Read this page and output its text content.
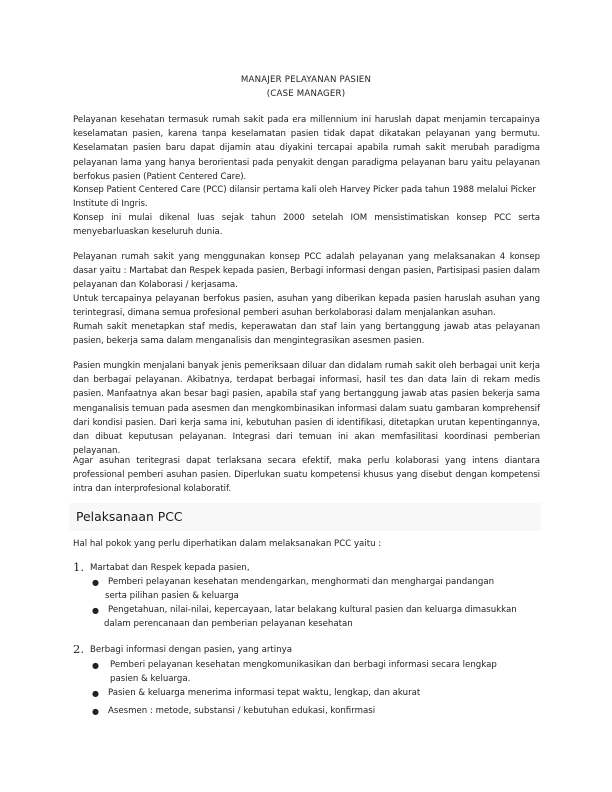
MANAJER PELAYANAN PASIEN
(CASE MANAGER)
Pelayanan kesehatan termasuk rumah sakit pada era millennium ini haruslah dapat menjamin tercapainya keselamatan pasien, karena tanpa keselamatan pasien tidak dapat dikatakan pelayanan yang bermutu. Keselamatan pasien baru dapat dijamin atau diyakini tercapai apabila rumah sakit merubah paradigma pelayanan lama yang hanya berorientasi pada penyakit dengan paradigma pelayanan baru yaitu pelayanan berfokus pasien (Patient Centered Care).
Konsep Patient Centered Care (PCC) dilansir pertama kali oleh Harvey Picker pada tahun 1988 melalui Picker Institute di Ingris.
Konsep ini mulai dikenal luas sejak tahun 2000 setelah IOM mensistimatiskan konsep PCC serta menyebarluaskan keseluruh dunia.
Pelayanan rumah sakit yang menggunakan konsep PCC adalah pelayanan yang melaksanakan 4 konsep dasar yaitu : Martabat dan Respek kepada pasien, Berbagi informasi dengan pasien, Partisipasi pasien dalam pelayanan dan Kolaborasi / kerjasama.
Untuk tercapainya pelayanan berfokus pasien, asuhan yang diberikan kepada pasien haruslah asuhan yang terintegrasi, dimana semua profesional pemberi asuhan berkolaborasi dalam menjalankan asuhan.
Rumah sakit menetapkan staf medis, keperawatan dan staf lain yang bertanggung jawab atas pelayanan pasien, bekerja sama dalam menganalisis dan mengintegrasikan asesmen pasien.
Pasien mungkin menjalani banyak jenis pemeriksaan diluar dan didalam rumah sakit oleh berbagai unit kerja dan berbagai pelayanan. Akibatnya, terdapat berbagai informasi, hasil tes dan data lain di rekam medis pasien. Manfaatnya akan besar bagi pasien, apabila staf yang bertanggung jawab atas pasien bekerja sama menganalisis temuan pada asesmen dan mengkombinasikan informasi dalam suatu gambaran komprehensif dari kondisi pasien. Dari kerja sama ini, kebutuhan pasien di identifikasi, ditetapkan urutan kepentingannya, dan dibuat keputusan pelayanan. Integrasi dari temuan ini akan memfasilitasi koordinasi pemberian pelayanan.
Agar asuhan teritegrasi dapat terlaksana secara efektif, maka perlu kolaborasi yang intens diantara professional pemberi asuhan pasien. Diperlukan suatu kompetensi khusus yang disebut dengan kompetensi intra dan interprofesional kolaboratif.
Pelaksanaan PCC
Hal hal pokok yang perlu diperhatikan dalam melaksanakan PCC yaitu :
1. Martabat dan Respek kepada pasien,
● Pemberi pelayanan kesehatan mendengarkan, menghormati dan menghargai pandangan
serta pilihan pasien & keluarga
● Pengetahuan, nilai-nilai, kepercayaan, latar belakang kultural pasien dan keluarga dimasukkan
dalam perencanaan dan pemberian pelayanan kesehatan
2. Berbagi informasi dengan pasien, yang artinya
● Pemberi pelayanan kesehatan mengkomunikasikan dan berbagi informasi secara lengkap
pasien & keluarga.
● Pasien & keluarga menerima informasi tepat waktu, lengkap, dan akurat
● Asesmen : metode, substansi / kebutuhan edukasi, konfirmasi
